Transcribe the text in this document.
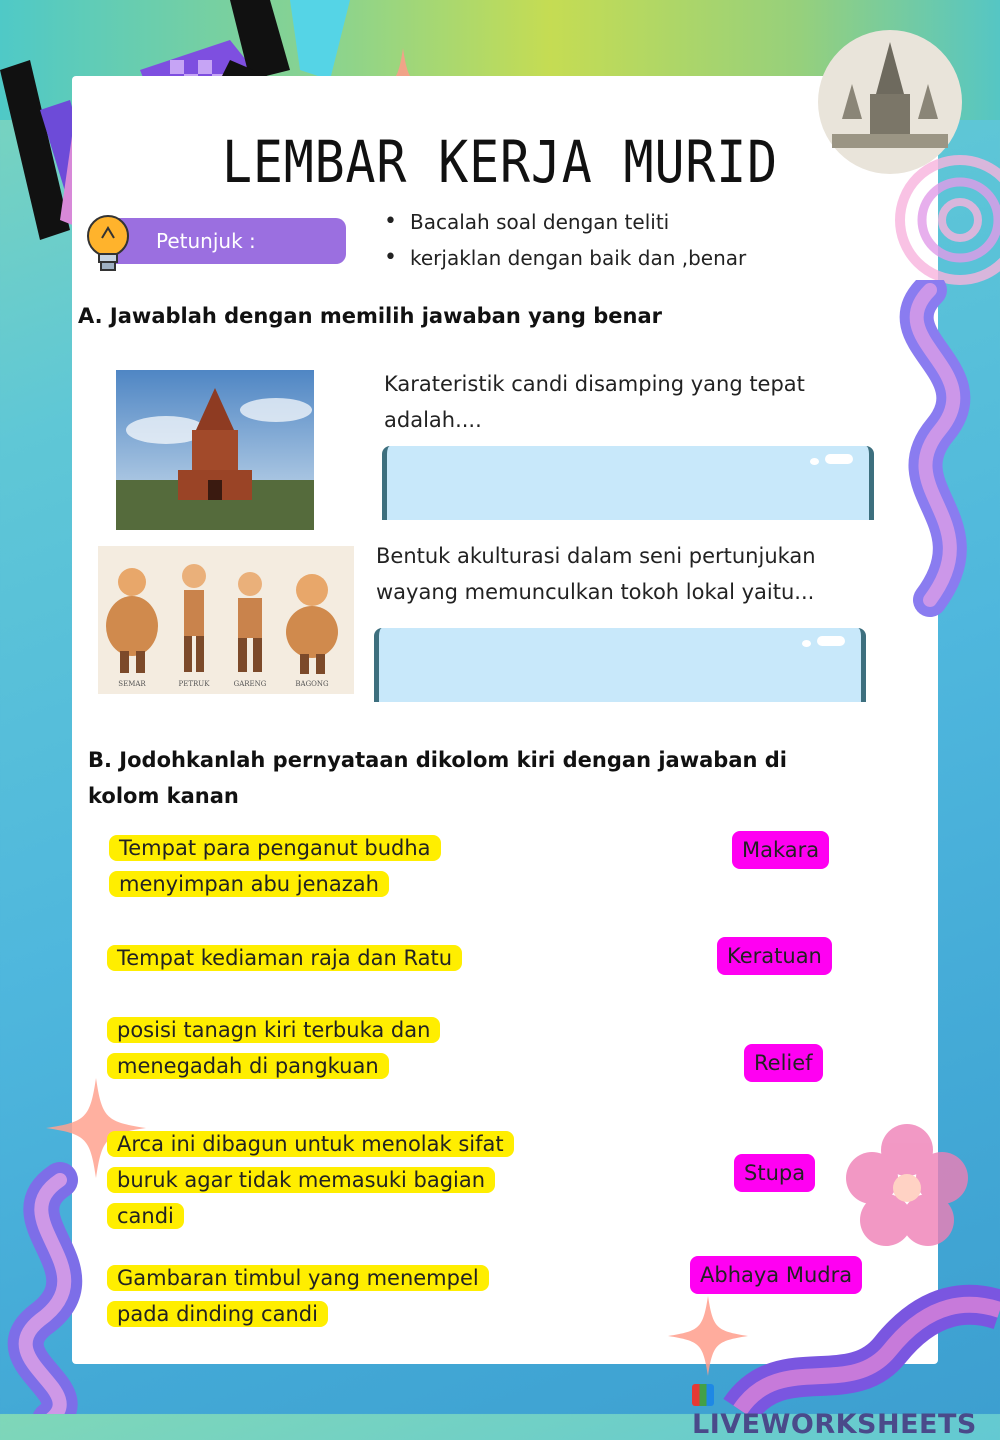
LEMBAR KERJA MURID
Petunjuk :
• Bacalah soal dengan teliti
• kerjaklan dengan baik dan ,benar
A. Jawablah dengan memilih jawaban yang benar
Karateristik candi disamping yang tepat
adalah....
SEMAR	PETRUK	GARENG	BAGONG
Bentuk akulturasi dalam seni pertunjukan
wayang memunculkan tokoh lokal yaitu...
B. Jodohkanlah pernyataan dikolom kiri dengan jawaban di
kolom kanan
Tempat para penganut budha
menyimpan abu jenazah
Tempat kediaman raja dan Ratu
posisi tanagn kiri terbuka dan
menegadah di pangkuan
Arca ini dibagun untuk menolak sifat
buruk agar tidak memasuki bagian
candi
Gambaran timbul yang menempel
pada dinding candi
Makara
Keratuan
Relief
Stupa
Abhaya Mudra
LIVEWORKSHEETS
